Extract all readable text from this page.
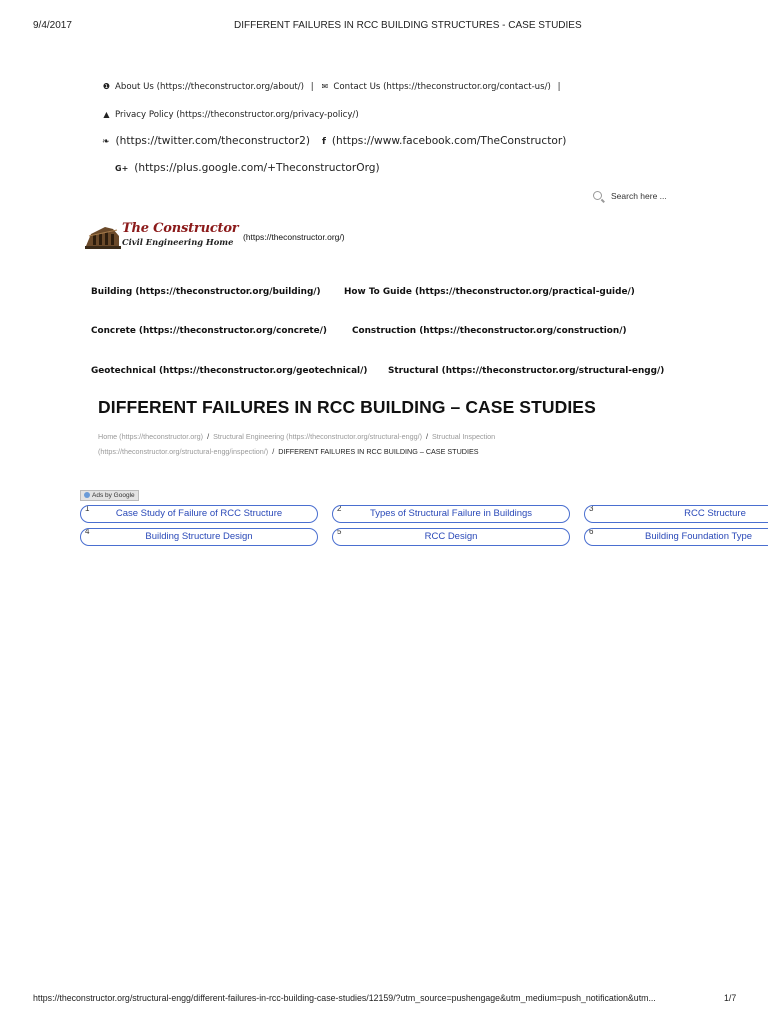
9/4/2017	DIFFERENT FAILURES IN RCC BUILDING STRUCTURES - CASE STUDIES
❶ About Us (https://theconstructor.org/about/) | ✉ Contact Us (https://theconstructor.org/contact-us/) |
▲ Privacy Policy (https://theconstructor.org/privacy-policy/)
❧ (https://twitter.com/theconstructor2) f (https://www.facebook.com/TheConstructor)
G+ (https://plus.google.com/+TheconstructorOrg)
Search here ...
The Constructor
Civil Engineering Home (https://theconstructor.org/)
Building (https://theconstructor.org/building/)	How To Guide (https://theconstructor.org/practical-guide/)
Concrete (https://theconstructor.org/concrete/)	Construction (https://theconstructor.org/construction/)
Geotechnical (https://theconstructor.org/geotechnical/) Structural (https://theconstructor.org/structural-engg/)
DIFFERENT FAILURES IN RCC BUILDING – CASE STUDIES
Home (https://theconstructor.org) / Structural Engineering (https://theconstructor.org/structural-engg/) / Structual Inspection
(https://theconstructor.org/structural-engg/inspection/) / DIFFERENT FAILURES IN RCC BUILDING – CASE STUDIES
Ads by Google
1	Case Study of Failure of RCC Structure	2	Types of Structural Failure in Buildings	3	RCC Structure
4	Building Structure Design	5	RCC Design	6	Building Foundation Type
https://theconstructor.org/structural-engg/different-failures-in-rcc-building-case-studies/12159/?utm_source=pushengage&utm_medium=push_notification&utm...	1/7
